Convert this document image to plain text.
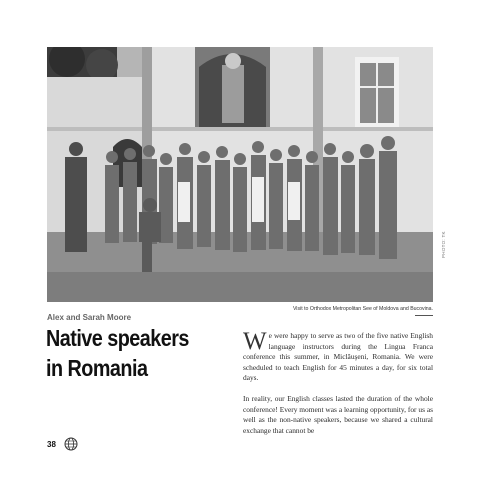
PHOTO: TK
Visit to Orthodox Metropolitan See of Moldova and Bucovina.
Alex and Sarah Moore
Native speakers
in Romania

We were happy to serve as two of the five native English language instructors during the Lingua Franca conference this summer, in Miclăuşeni, Romania. We were scheduled to teach English for 45 minutes a day, for six total days.

In reality, our English classes lasted the duration of the whole conference! Every moment was a learning opportunity, for us as well as the non-native speakers, because we shared a cultural exchange that cannot be

38
